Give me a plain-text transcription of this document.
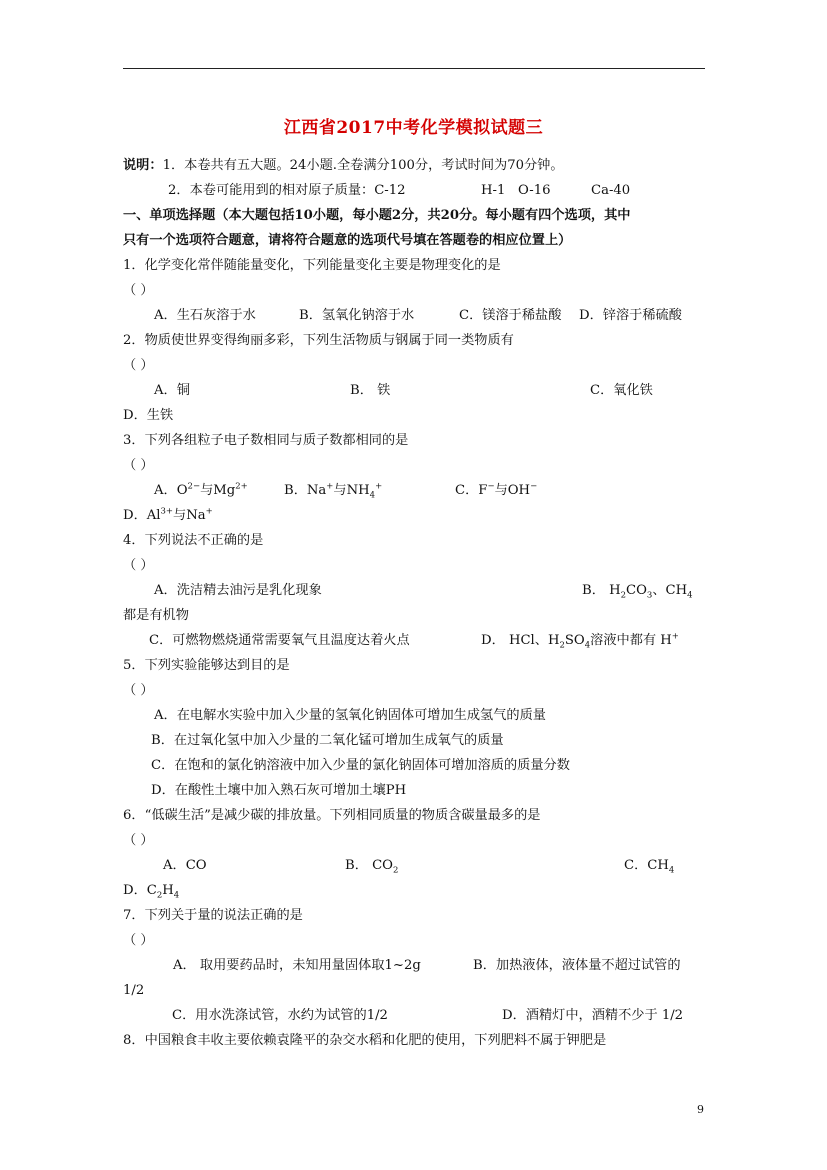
江西省2017中考化学模拟试题三
说明：1．本卷共有五大题。24小题.全卷满分100分，考试时间为70分钟。
2．本卷可能用到的相对原子质量：C-12	H-1 O-16	Ca-40
一、单项选择题（本大题包括10小题，每小题2分，共20分。每小题有四个选项，其中
只有一个选项符合题意，请将符合题意的选项代号填在答题卷的相应位置上）
1．化学变化常伴随能量变化，下列能量变化主要是物理变化的是
（ ）
A．生石灰溶于水	B．氢氧化钠溶于水	C．镁溶于稀盐酸 D．锌溶于稀硫酸
2．物质使世界变得绚丽多彩，下列生活物质与钢属于同一类物质有
（ ）
A．铜	B． 铁	C．氧化铁
D．生铁
3．下列各组粒子电子数相同与质子数都相同的是
（ ）
A．$O^{2-}$与$Mg^{2+}$	B．Na+与$NH_4^+$	C．F−与OH−
D．$Al^{3+}$与Na+
4．下列说法不正确的是
（ ）
A．洗洁精去油污是乳化现象	B． $H_2CO_3$、$CH_4$
都是有机物
C．可燃物燃烧通常需要氧气且温度达着火点	D． HCl、$H_2SO_4$溶液中都有 H+
5．下列实验能够达到目的是
（ ）
A．在电解水实验中加入少量的氢氧化钠固体可增加生成氢气的质量
B．在过氧化氢中加入少量的二氧化锰可增加生成氧气的质量
C．在饱和的氯化钠溶液中加入少量的氯化钠固体可增加溶质的质量分数
D．在酸性土壤中加入熟石灰可增加土壤PH
6．“低碳生活”是减少碳的排放量。下列相同质量的物质含碳量最多的是
（ ）
A．CO	B． $CO_2$	C．$CH_4$
D．$C_2H_4$
7．下列关于量的说法正确的是
（ ）
A． 取用要药品时，未知用量固体取1~2g	B．加热液体，液体量不超过试管的
1/2
C．用水洗涤试管，水约为试管的1/2	D．酒精灯中，酒精不少于 1/2
8．中国粮食丰收主要依赖袁隆平的杂交水稻和化肥的使用，下列肥料不属于钾肥是
9
